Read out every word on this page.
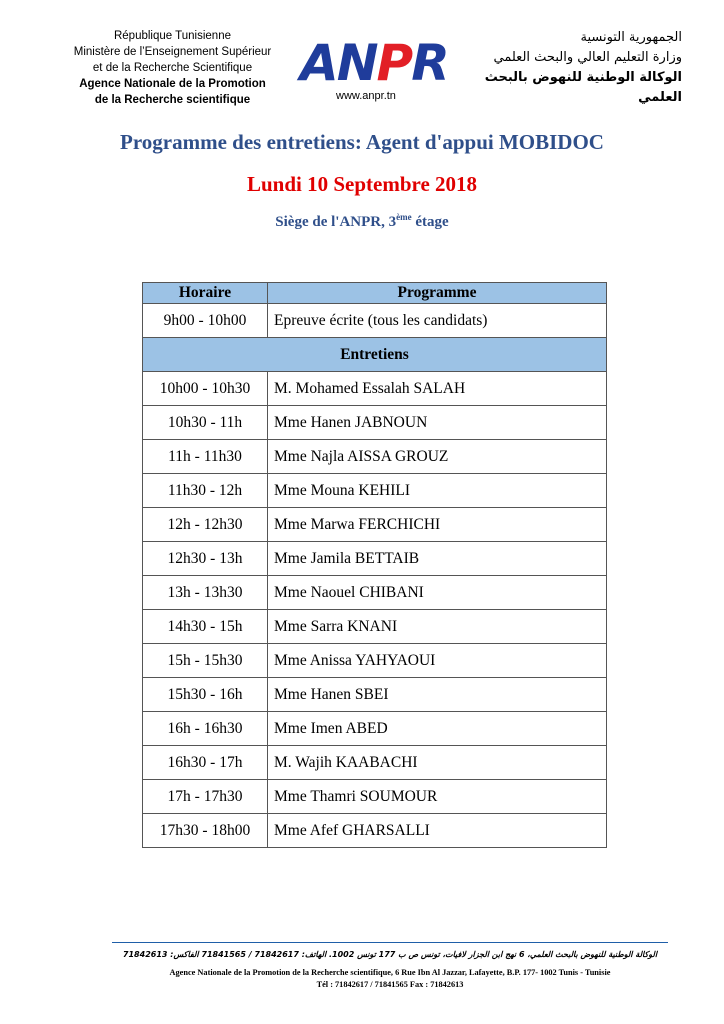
République Tunisienne
Ministère de l’Enseignement Supérieur
et de la Recherche Scientifique
Agence Nationale de la Promotion
de la Recherche scientifique
ANPR
www.anpr.tn
الجمهورية التونسية
وزارة التعليم العالي والبحث العلمي
الوكالة الوطنية للنهوض بالبحث العلمي
Programme des entretiens: Agent d'appui MOBIDOC
Lundi 10 Septembre 2018
Siège de l'ANPR, 3ème étage
Horaire	Programme
9h00 - 10h00	Epreuve écrite (tous les candidats)
Entretiens	
10h00 - 10h30	M. Mohamed Essalah SALAH
10h30 - 11h	Mme Hanen JABNOUN
11h - 11h30	Mme Najla AISSA GROUZ
11h30 - 12h	Mme Mouna KEHILI
12h - 12h30	Mme Marwa FERCHICHI
12h30 - 13h	Mme Jamila BETTAIB
13h - 13h30	Mme Naouel CHIBANI
14h30 - 15h	Mme Sarra KNANI
15h - 15h30	Mme Anissa YAHYAOUI
15h30 - 16h	Mme Hanen SBEI
16h - 16h30	Mme Imen ABED
16h30 - 17h	M. Wajih KAABACHI
17h - 17h30	Mme Thamri SOUMOUR
17h30 - 18h00	Mme Afef GHARSALLI
الوكالة الوطنية للنهوض بالبحث العلمي، 6 نهج ابن الجزار لافيات، تونس ص ب 177 تونس 1002. الهاتف: 71842617 / 71841565 الفاكس: 71842613
Agence Nationale de la Promotion de la Recherche scientifique, 6 Rue Ibn Al Jazzar, Lafayette, B.P. 177- 1002 Tunis - Tunisie
Tél : 71842617 / 71841565 Fax : 71842613
